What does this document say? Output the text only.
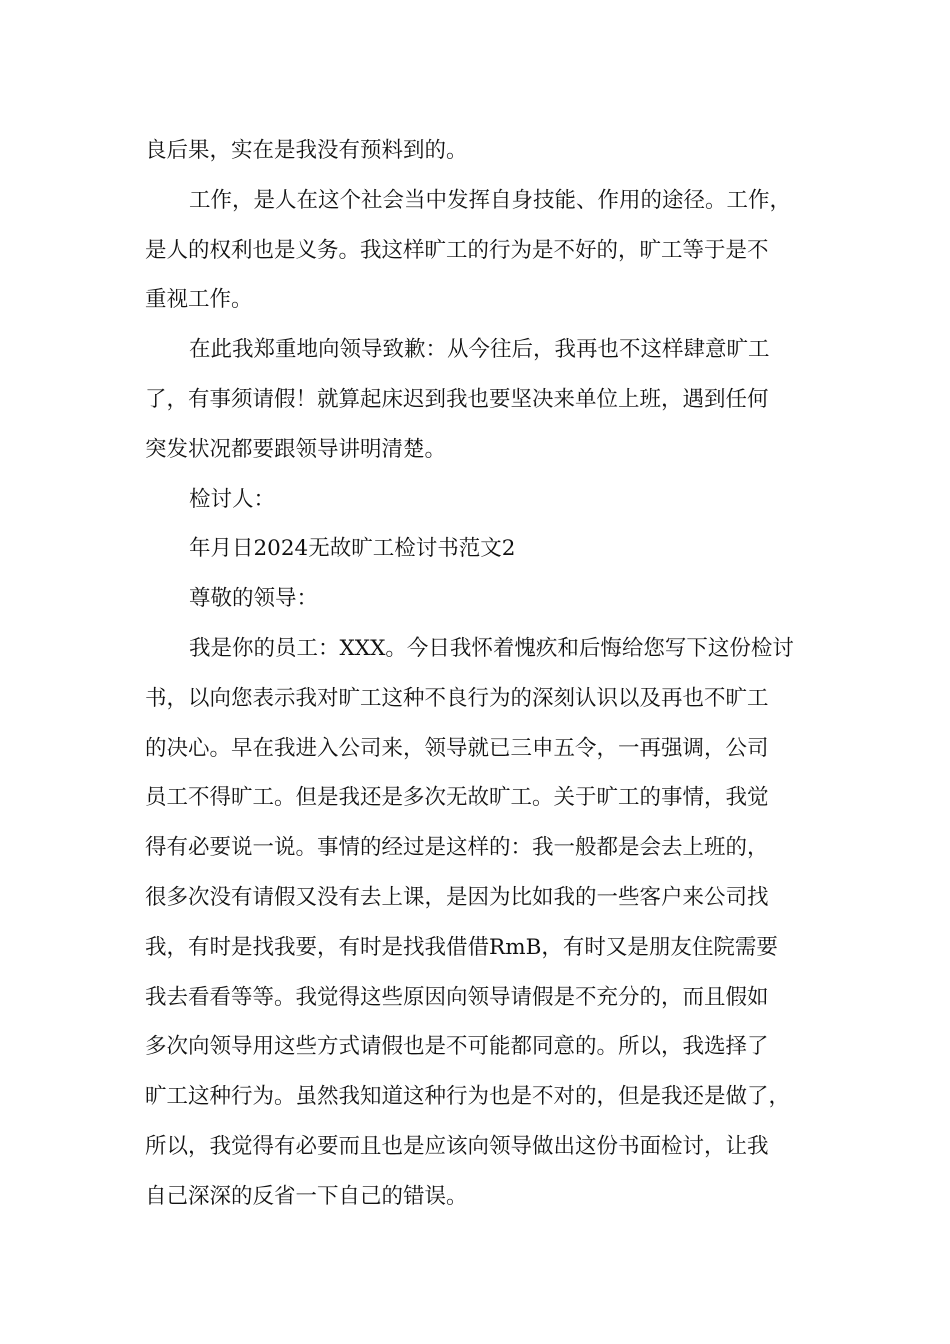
良后果，实在是我没有预料到的。
工作，是人在这个社会当中发挥自身技能、作用的途径。工作，
是人的权利也是义务。我这样旷工的行为是不好的，旷工等于是不
重视工作。
在此我郑重地向领导致歉：从今往后，我再也不这样肆意旷工
了，有事须请假！就算起床迟到我也要坚决来单位上班，遇到任何
突发状况都要跟领导讲明清楚。
检讨人：
年月日2024无故旷工检讨书范文2
尊敬的领导：
我是你的员工：XXX。今日我怀着愧疚和后悔给您写下这份检讨
书，以向您表示我对旷工这种不良行为的深刻认识以及再也不旷工
的决心。早在我进入公司来，领导就已三申五令，一再强调，公司
员工不得旷工。但是我还是多次无故旷工。关于旷工的事情，我觉
得有必要说一说。事情的经过是这样的：我一般都是会去上班的，
很多次没有请假又没有去上课，是因为比如我的一些客户来公司找
我，有时是找我要，有时是找我借借RmB，有时又是朋友住院需要
我去看看等等。我觉得这些原因向领导请假是不充分的，而且假如
多次向领导用这些方式请假也是不可能都同意的。所以，我选择了
旷工这种行为。虽然我知道这种行为也是不对的，但是我还是做了，
所以，我觉得有必要而且也是应该向领导做出这份书面检讨，让我
自己深深的反省一下自己的错误。
